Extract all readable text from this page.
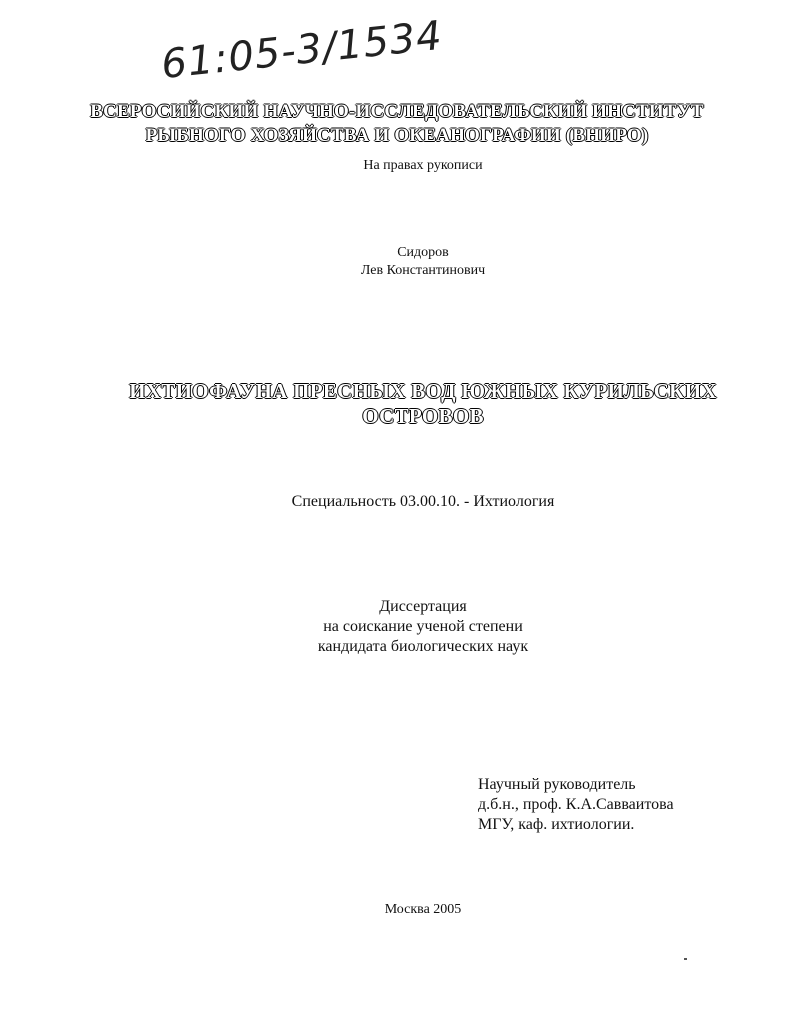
61:05-3/1534
ВСЕРОСИЙСКИЙ НАУЧНО-ИССЛЕДОВАТЕЛЬСКИЙ ИНСТИТУТ
РЫБНОГО ХОЗЯЙСТВА И ОКЕАНОГРАФИИ (ВНИРО)
На правах рукописи
Сидоров
Лев Константинович
ИХТИОФАУНА ПРЕСНЫХ ВОД ЮЖНЫХ КУРИЛЬСКИХ
ОСТРОВОВ
Специальность 03.00.10. - Ихтиология
Диссертация
на соискание ученой степени
кандидата биологических наук
Научный руководитель
д.б.н., проф. К.А.Савваитова
МГУ, каф. ихтиологии.
Москва 2005
